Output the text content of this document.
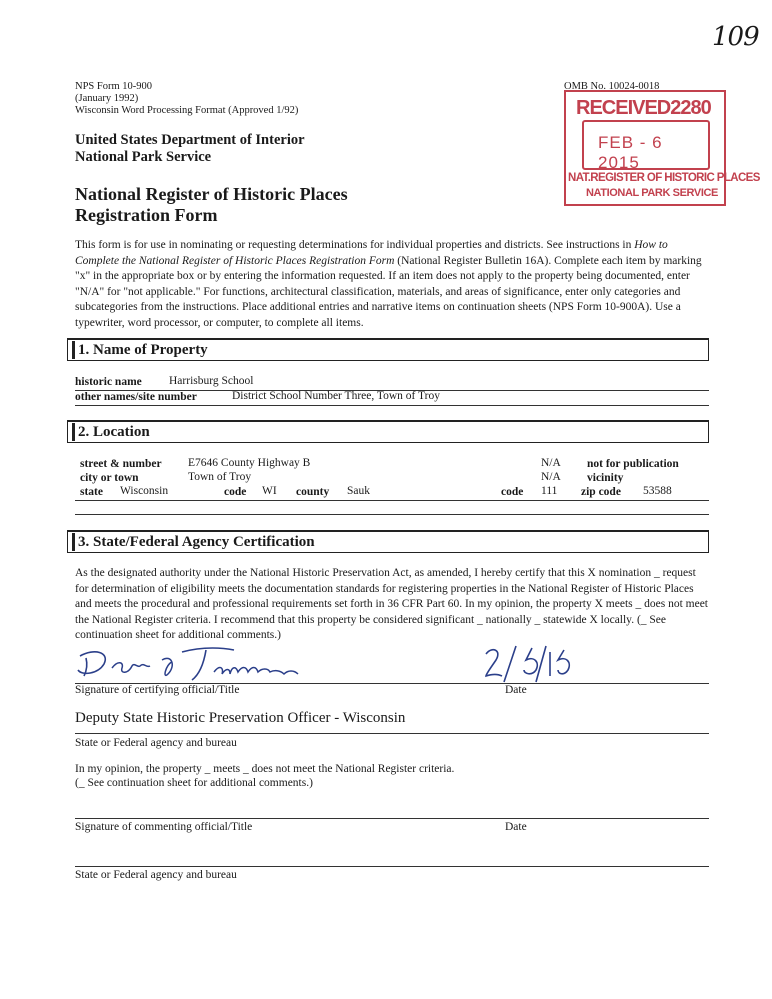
109
NPS Form 10-900
(January 1992)
Wisconsin Word Processing Format (Approved 1/92)
OMB No. 10024-0018
United States Department of Interior
National Park Service
National Register of Historic Places
Registration Form
RECEIVED2280
FEB - 6 2015
NAT.REGISTER OF HISTORIC PLACES
NATIONAL PARK SERVICE
This form is for use in nominating or requesting determinations for individual properties and districts. See instructions in How to Complete the National Register of Historic Places Registration Form (National Register Bulletin 16A). Complete each item by marking "x" in the appropriate box or by entering the information requested. If an item does not apply to the property being documented, enter "N/A" for "not applicable." For functions, architectural classification, materials, and areas of significance, enter only categories and subcategories from the instructions. Place additional entries and narrative items on continuation sheets (NPS Form 10-900A). Use a typewriter, word processor, or computer, to complete all items.
1. Name of Property
historic name Harrisburg School
other names/site number	District School Number Three, Town of Troy
2. Location
street & number E7646 County Highway B	N/A not for publication
city or town	Town of Troy	N/A vicinity
state Wisconsin	code WI county Sauk	code 111 zip code 53588
3. State/Federal Agency Certification
As the designated authority under the National Historic Preservation Act, as amended, I hereby certify that this X nomination _ request for determination of eligibility meets the documentation standards for registering properties in the National Register of Historic Places and meets the procedural and professional requirements set forth in 36 CFR Part 60. In my opinion, the property X meets _ does not meet the National Register criteria. I recommend that this property be considered significant _ nationally _ statewide X locally. (_ See continuation sheet for additional comments.)
Signature of certifying official/Title	Date
Deputy State Historic Preservation Officer - Wisconsin
State or Federal agency and bureau
In my opinion, the property _ meets _ does not meet the National Register criteria.
(_ See continuation sheet for additional comments.)
Signature of commenting official/Title	Date
State or Federal agency and bureau
